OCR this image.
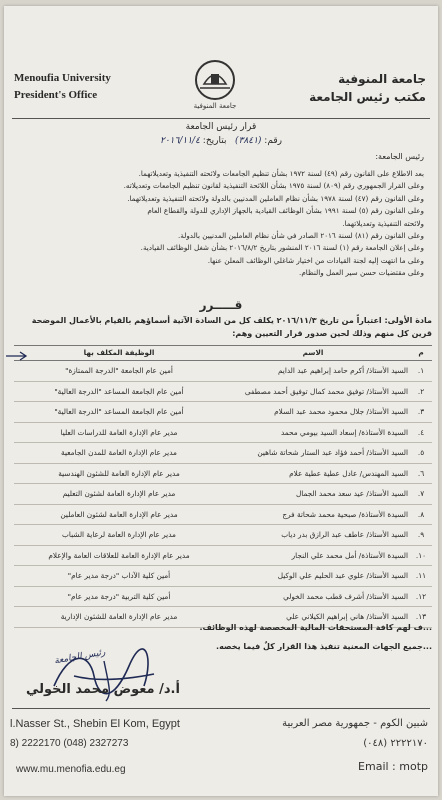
Menoufia University
President's Office
جامعة المنوفية
جامعة المنوفية
مكتب رئيس الجامعة
قرار رئيس الجامعة
رقم: (٣٨٤١)   بتاريخ: ٢٠١٦/١١/٤
رئيس الجامعة:
بعد الاطلاع على القانون رقم (٤٩) لسنة ١٩٧٢ بشأن تنظيم الجامعات ولائحته التنفيذية وتعديلاتهما.
وعلى القرار الجمهوري رقم (٨٠٩) لسنة ١٩٧٥ بشأن اللائحة التنفيذية لقانون تنظيم الجامعات وتعديلاته.
وعلى القانون رقم (٤٧) لسنة ١٩٧٨ بشأن نظام العاملين المدنيين بالدولة ولائحته التنفيذية وتعديلاتهما.
وعلى القانون رقم (٥) لسنة ١٩٩١ بشأن الوظائف القيادية بالجهاز الإداري للدولة والقطاع العام
ولائحته التنفيذية وتعديلاتهما.
وعلى القانون رقم (٨١) لسنة ٢٠١٦ الصادر في شأن نظام العاملين المدنيين بالدولة.
وعلى إعلان الجامعة رقم (١) لسنة ٢٠١٦ المنشور بتاريخ ٢٠١٦/٨/٢ بشأن شغل الوظائف القيادية.
وعلى ما انتهت إليه لجنة القيادات من اختيار شاغلي الوظائف المعلن عنها.
وعلى مقتضيات حسن سير العمل والنظام.
قـــــرر
مادة الأولى: اعتباراً من تاريخ ٢٠١٦/١١/٣ يكلف كل من السادة الآتية أسماؤهم بالقيام بالأعمال الموضحة
قرين كل منهم وذلك لحين صدور قرار التعيين وهم:
م
الاسم
الوظيفة المكلف بها
١.
السيد الأستاذ/ أكرم حامد إبراهيم عبد الدايم
أمين عام الجامعة "الدرجة الممتازة"
٢.
السيد الأستاذ/ توفيق محمد كمال توفيق أحمد مصطفى
أمين عام الجامعة المساعد "الدرجة العالية"
٣.
السيد الأستاذ/ جلال محمود محمد عبد السلام
أمين عام الجامعة المساعد "الدرجة العالية"
٤.
السيدة الأستاذة/ إسعاد السيد بيومي محمد
مدير عام الإدارة العامة للدراسات العليا
٥.
السيد الأستاذ/ أحمد فؤاد عبد الستار شحاتة شاهين
مدير عام الإدارة العامة للمدن الجامعية
٦.
السيد المهندس/ عادل عطية عطية علام
مدير عام الإدارة العامة للشئون الهندسية
٧.
السيد الأستاذ/ عيد سعد محمد الجمال
مدير عام الإدارة العامة لشئون التعليم
٨.
السيدة الأستاذة/ صبحية محمد شحاتة فرج
مدير عام الإدارة العامة لشئون العاملين
٩.
السيد الأستاذ/ عاطف عبد الرازق بدر دياب
مدير عام الإدارة العامة لرعاية الشباب
١٠.
السيدة الأستاذة/ أمل محمد علي النجار
مدير عام الإدارة العامة للعلاقات العامة والإعلام
١١.
السيد الأستاذ/ علوي عبد الحليم علي الوكيل
أمين كلية الآداب "درجة مدير عام"
١٢.
السيد الأستاذ/ أشرف قطب محمد الخولي
أمين كلية التربية "درجة مدير عام"
١٣.
السيد الأستاذ/ هاني إبراهيم الكيلاني علي
مدير عام الإدارة العامة للشئون الإدارية
...ف لهم كافة المستحقات المالية المخصصة لهذه الوظائف.
...جميع الجهات المعنية تنفيذ هذا القرار كلٌ فيما يخصه.
رئيس الجامعة
أ.د/ معوض محمد الخولي
l.Nasser St., Shebin El Kom, Egypt
8) 2222170 (048) 2327273
www.mu.menofia.edu.eg
شبين الكوم - جمهورية مصر العربية
(٠٤٨) ٢٢٢٢١٧٠
Email : motp
